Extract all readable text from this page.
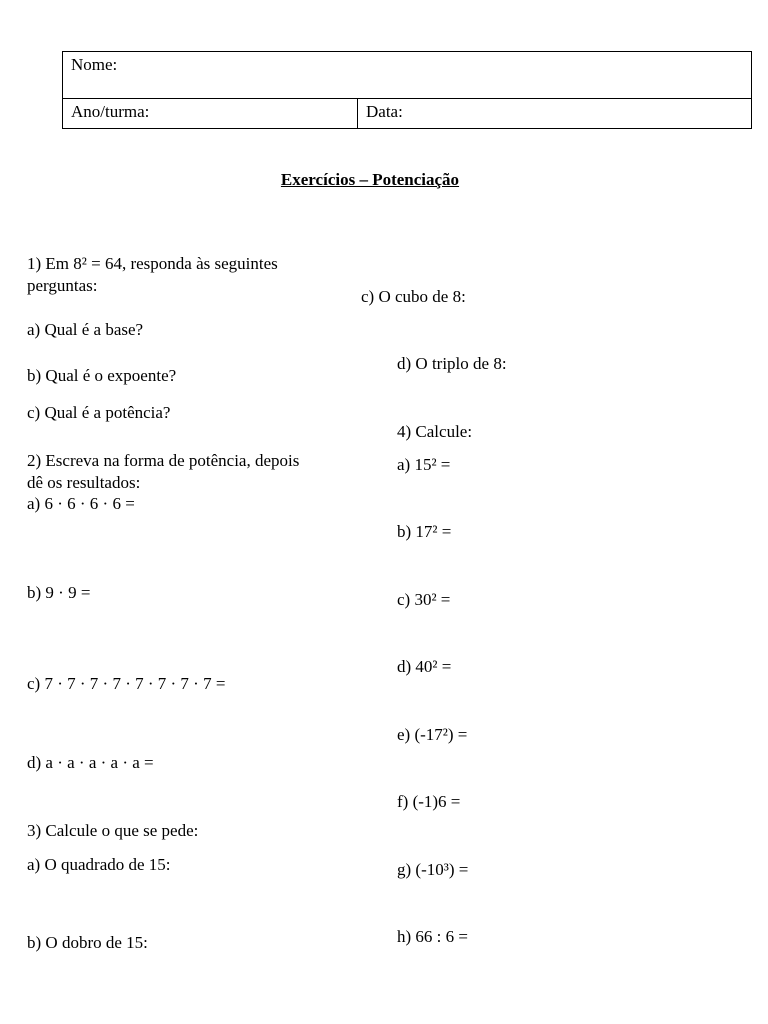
Nome:
Ano/turma:	Data:
Exercícios – Potenciação
1) Em 8² = 64, responda às seguintes
perguntas:
a) Qual é a base?
b) Qual é o expoente?
c) Qual é a potência?
2) Escreva na forma de potência, depois
dê os resultados:
a) 6 · 6 · 6 · 6 =
b) 9 · 9 =
c) 7 · 7 · 7 · 7 · 7 · 7 · 7 · 7 =
d) a · a · a · a · a =
3) Calcule o que se pede:
a) O quadrado de 15:
b) O dobro de 15:
c) O cubo de 8:
d) O triplo de 8:
4) Calcule:
a) 15² =
b) 17² =
c) 30² =
d) 40² =
e) (-17²) =
f) (-1)6 =
g) (-10³) =
h) 66 : 6 =
